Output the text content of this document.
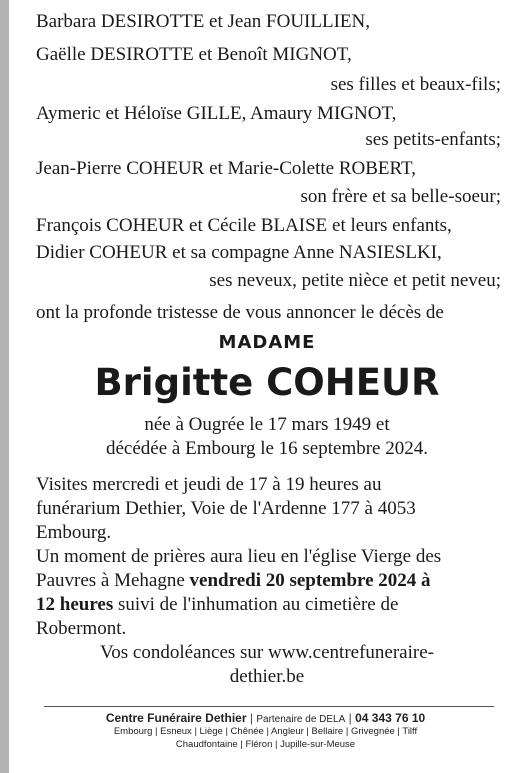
Barbara DESIROTTE et Jean FOUILLIEN,
Gaëlle DESIROTTE et Benoît MIGNOT,
ses filles et beaux-fils;
Aymeric et Héloïse GILLE, Amaury MIGNOT,
ses petits-enfants;
Jean-Pierre COHEUR et Marie-Colette ROBERT,
son frère et sa belle-soeur;
François COHEUR et Cécile BLAISE et leurs enfants,
Didier COHEUR et sa compagne Anne NASIESLKI,
ses neveux, petite nièce et petit neveu;
ont la profonde tristesse de vous annoncer le décès de
MADAME
Brigitte COHEUR
née à Ougrée le 17 mars 1949 et
décédée à Embourg le 16 septembre 2024.
Visites mercredi et jeudi de 17 à 19 heures au
funérarium Dethier, Voie de l'Ardenne 177 à 4053
Embourg.
Un moment de prières aura lieu en l'église Vierge des
Pauvres à Mehagne vendredi 20 septembre 2024 à
12 heures suivi de l'inhumation au cimetière de
Robermont.
Vos condoléances sur www.centrefuneraire-
dethier.be
Centre Funéraire Dethier | Partenaire de DELA | 04 343 76 10
Embourg | Esneux | Liège | Chênée | Angleur | Bellaire | Grivegnée | Tilff
Chaudfontaine | Fléron | Jupille-sur-Meuse
